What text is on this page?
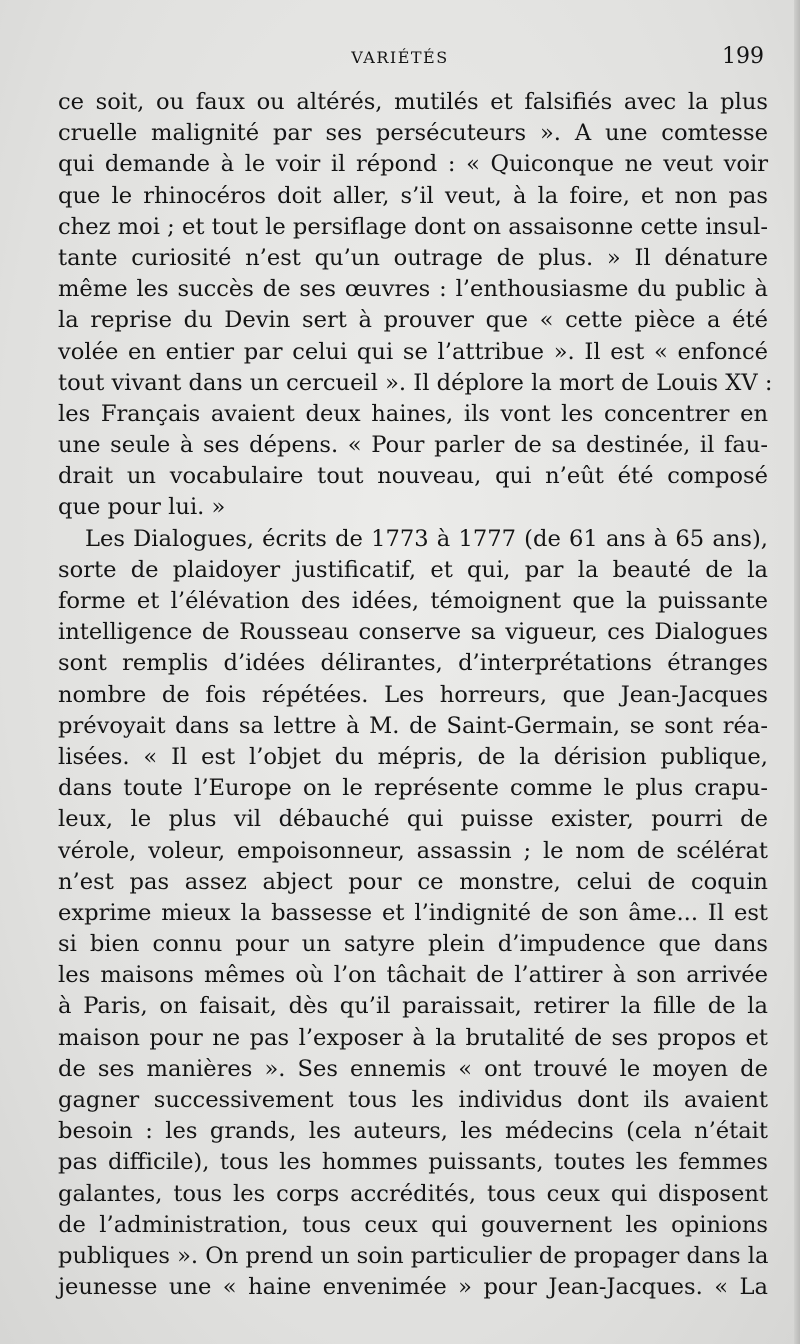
VARIÉTÉS	199
ce soit, ou faux ou altérés, mutilés et falsifiés avec la plus
cruelle malignité par ses persécuteurs ». A une comtesse
qui demande à le voir il répond : « Quiconque ne veut voir
que le rhinocéros doit aller, s’il veut, à la foire, et non pas
chez moi ; et tout le persiflage dont on assaisonne cette insul-
tante curiosité n’est qu’un outrage de plus. » Il dénature
même les succès de ses œuvres : l’enthousiasme du public à
la reprise du Devin sert à prouver que « cette pièce a été
volée en entier par celui qui se l’attribue ». Il est « enfoncé
tout vivant dans un cercueil ». Il déplore la mort de Louis XV :
les Français avaient deux haines, ils vont les concentrer en
une seule à ses dépens. « Pour parler de sa destinée, il fau-
drait un vocabulaire tout nouveau, qui n’eût été composé
que pour lui. »
Les Dialogues, écrits de 1773 à 1777 (de 61 ans à 65 ans),
sorte de plaidoyer justificatif, et qui, par la beauté de la
forme et l’élévation des idées, témoignent que la puissante
intelligence de Rousseau conserve sa vigueur, ces Dialogues
sont remplis d’idées délirantes, d’interprétations étranges
nombre de fois répétées. Les horreurs, que Jean-Jacques
prévoyait dans sa lettre à M. de Saint-Germain, se sont réa-
lisées. « Il est l’objet du mépris, de la dérision publique,
dans toute l’Europe on le représente comme le plus crapu-
leux, le plus vil débauché qui puisse exister, pourri de
vérole, voleur, empoisonneur, assassin ; le nom de scélérat
n’est pas assez abject pour ce monstre, celui de coquin
exprime mieux la bassesse et l’indignité de son âme... Il est
si bien connu pour un satyre plein d’impudence que dans
les maisons mêmes où l’on tâchait de l’attirer à son arrivée
à Paris, on faisait, dès qu’il paraissait, retirer la fille de la
maison pour ne pas l’exposer à la brutalité de ses propos et
de ses manières ». Ses ennemis « ont trouvé le moyen de
gagner successivement tous les individus dont ils avaient
besoin : les grands, les auteurs, les médecins (cela n’était
pas difficile), tous les hommes puissants, toutes les femmes
galantes, tous les corps accrédités, tous ceux qui disposent
de l’administration, tous ceux qui gouvernent les opinions
publiques ». On prend un soin particulier de propager dans la
jeunesse une « haine envenimée » pour Jean-Jacques. « La
